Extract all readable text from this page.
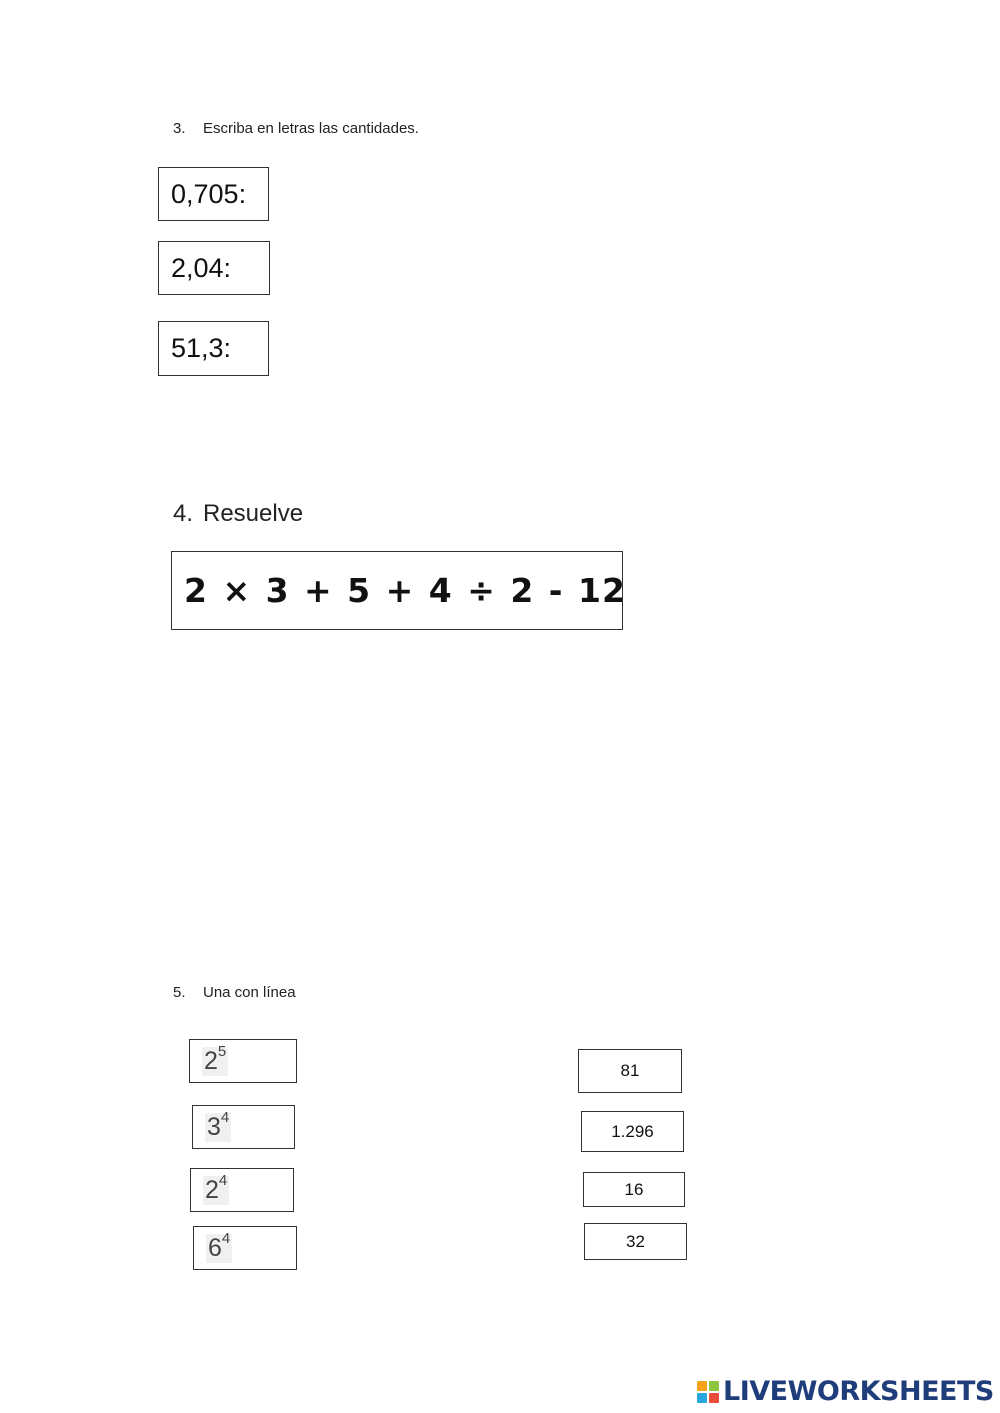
3. Escriba en letras las cantidades.
0,705:
2,04:
51,3:
4. Resuelve
2 × 3 + 5 + 4 ÷ 2 - 12
5. Una con línea
$2^5$
$3^4$
$2^4$
$6^4$
81
1.296
16
32
LIVEWORKSHEETS
